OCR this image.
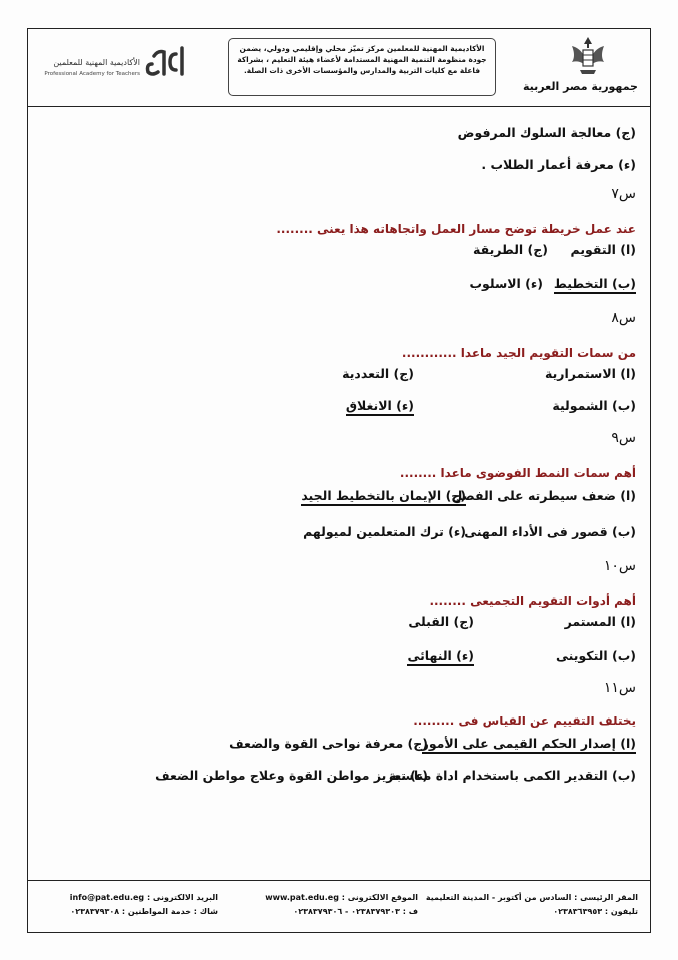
جمهورية مصر العربية
الأكاديمية المهنية للمعلمين مركز تميّز محلي وإقليمي ودولي، يضمن
جودة منظومة التنمية المهنية المستدامة لأعضاء هيئة التعليم ، بشراكة
فاعلة مع كليات التربية والمدارس والمؤسسات الأخرى ذات الصلة.
الأكاديمية المهنية للمعلمين
Professional Academy for Teachers
(ج) معالجة السلوك المرفوض
(ء) معرفة أعمار الطلاب .
س٧
عند عمل خريطة توضح مسار العمل واتجاهاته هذا يعنى ........
(ا) التقويم
(ج) الطريقة
(ب) التخطيط
(ء) الاسلوب
س٨
من سمات التقويم الجيد ماعدا ............
(ا) الاستمرارية
(ج) التعددية
(ب) الشمولية
(ء) الانغلاق
س٩
أهم سمات النمط الفوضوى ماعدا ........
(ا) ضعف سيطرته على الفصل
(ج) الإيمان بالتخطيط الجيد
(ب) قصور فى الأداء المهنى
(ء) ترك المتعلمين لميولهم
س١٠
أهم أدوات التقويم التجميعى ........
(ا) المستمر
(ج) القبلى
(ب) التكوينى
(ء) النهائى
س١١
يختلف التقييم عن القياس فى .........
(ا) إصدار الحكم القيمى على الأمور
(ج) معرفة نواحى القوة والضعف
(ب) التقدير الكمى باستخدام اداة مناسبة
(ء) تعزيز مواطن القوة وعلاج مواطن الضعف
المقر الرئيسى : السادس من أكتوبر - المدينة التعليمية
تليفون : ٠٢٣٨٣٦٣٩٥٣
الموقع الالكترونى : www.pat.edu.eg
ف : ٠٢٣٨٣٧٩٣٠٣ - ٠٢٣٨٣٧٩٣٠٦
البريد الالكترونى : info@pat.edu.eg
شاك : خدمة المواطنين : ٠٢٣٨٣٧٩٣٠٨
